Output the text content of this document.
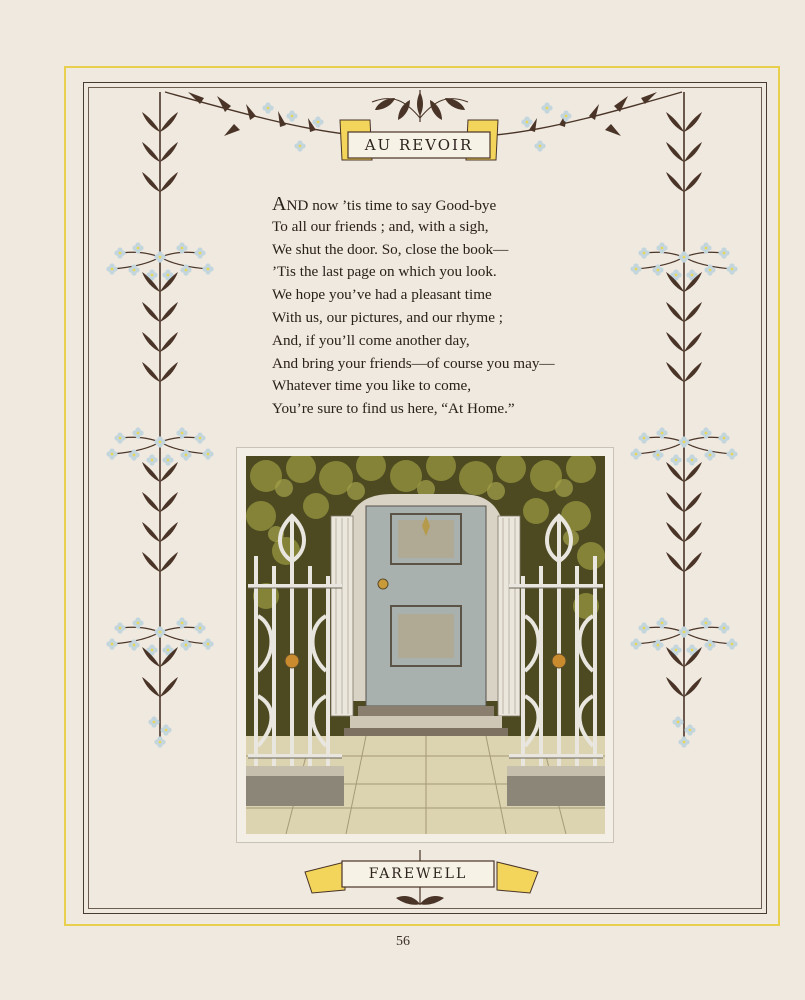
AU REVOIR
AND now ’tis time to say Good-bye
To all our friends ; and, with a sigh,
We shut the door. So, close the book—
’Tis the last page on which you look.
We hope you’ve had a pleasant time
With us, our pictures, and our rhyme ;
And, if you’ll come another day,
And bring your friends—of course you may—
Whatever time you like to come,
You’re sure to find us here, “At Home.”
FAREWELL
56
